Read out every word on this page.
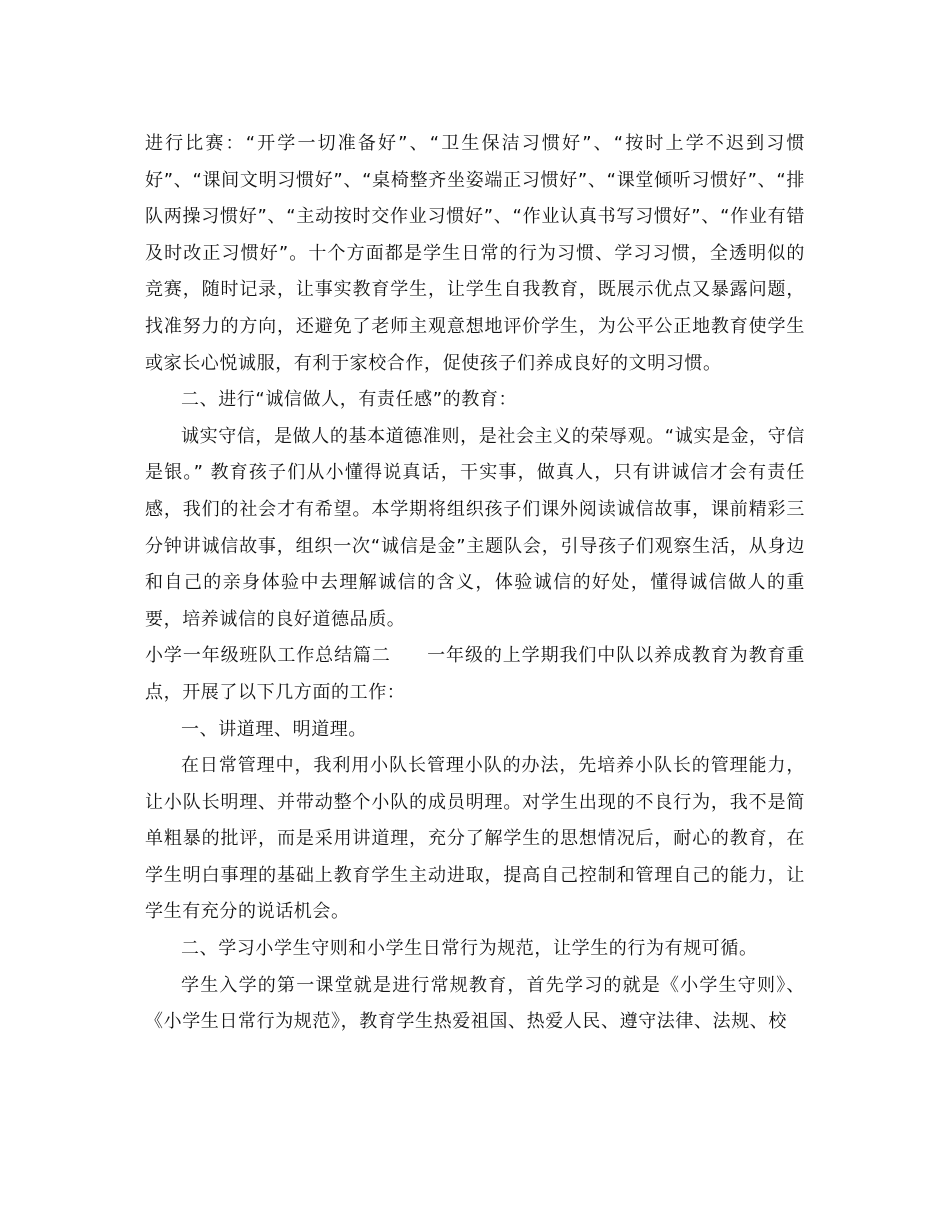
进行比赛：“开学一切准备好”、“卫生保洁习惯好”、“按时上学不迟到习惯好”、“课间文明习惯好”、“桌椅整齐坐姿端正习惯好”、“课堂倾听习惯好”、“排队两操习惯好”、“主动按时交作业习惯好”、“作业认真书写习惯好”、“作业有错及时改正习惯好”。十个方面都是学生日常的行为习惯、学习习惯，全透明似的竞赛，随时记录，让事实教育学生，让学生自我教育，既展示优点又暴露问题，找准努力的方向，还避免了老师主观意想地评价学生，为公平公正地教育使学生或家长心悦诚服，有利于家校合作，促使孩子们养成良好的文明习惯。

二、进行“诚信做人，有责任感”的教育：

诚实守信，是做人的基本道德准则，是社会主义的荣辱观。“诚实是金，守信是银。” 教育孩子们从小懂得说真话，干实事，做真人，只有讲诚信才会有责任感，我们的社会才有希望。本学期将组织孩子们课外阅读诚信故事，课前精彩三分钟讲诚信故事，组织一次“诚信是金”主题队会，引导孩子们观察生活，从身边和自己的亲身体验中去理解诚信的含义，体验诚信的好处，懂得诚信做人的重要，培养诚信的良好道德品质。

小学一年级班队工作总结篇二 一年级的上学期我们中队以养成教育为教育重点，开展了以下几方面的工作：

一、讲道理、明道理。

在日常管理中，我利用小队长管理小队的办法，先培养小队长的管理能力，让小队长明理、并带动整个小队的成员明理。对学生出现的不良行为，我不是简单粗暴的批评，而是采用讲道理，充分了解学生的思想情况后，耐心的教育，在学生明白事理的基础上教育学生主动进取，提高自己控制和管理自己的能力，让学生有充分的说话机会。

二、学习小学生守则和小学生日常行为规范，让学生的行为有规可循。

学生入学的第一课堂就是进行常规教育，首先学习的就是《小学生守则》、《小学生日常行为规范》，教育学生热爱祖国、热爱人民、遵守法律、法规、校
